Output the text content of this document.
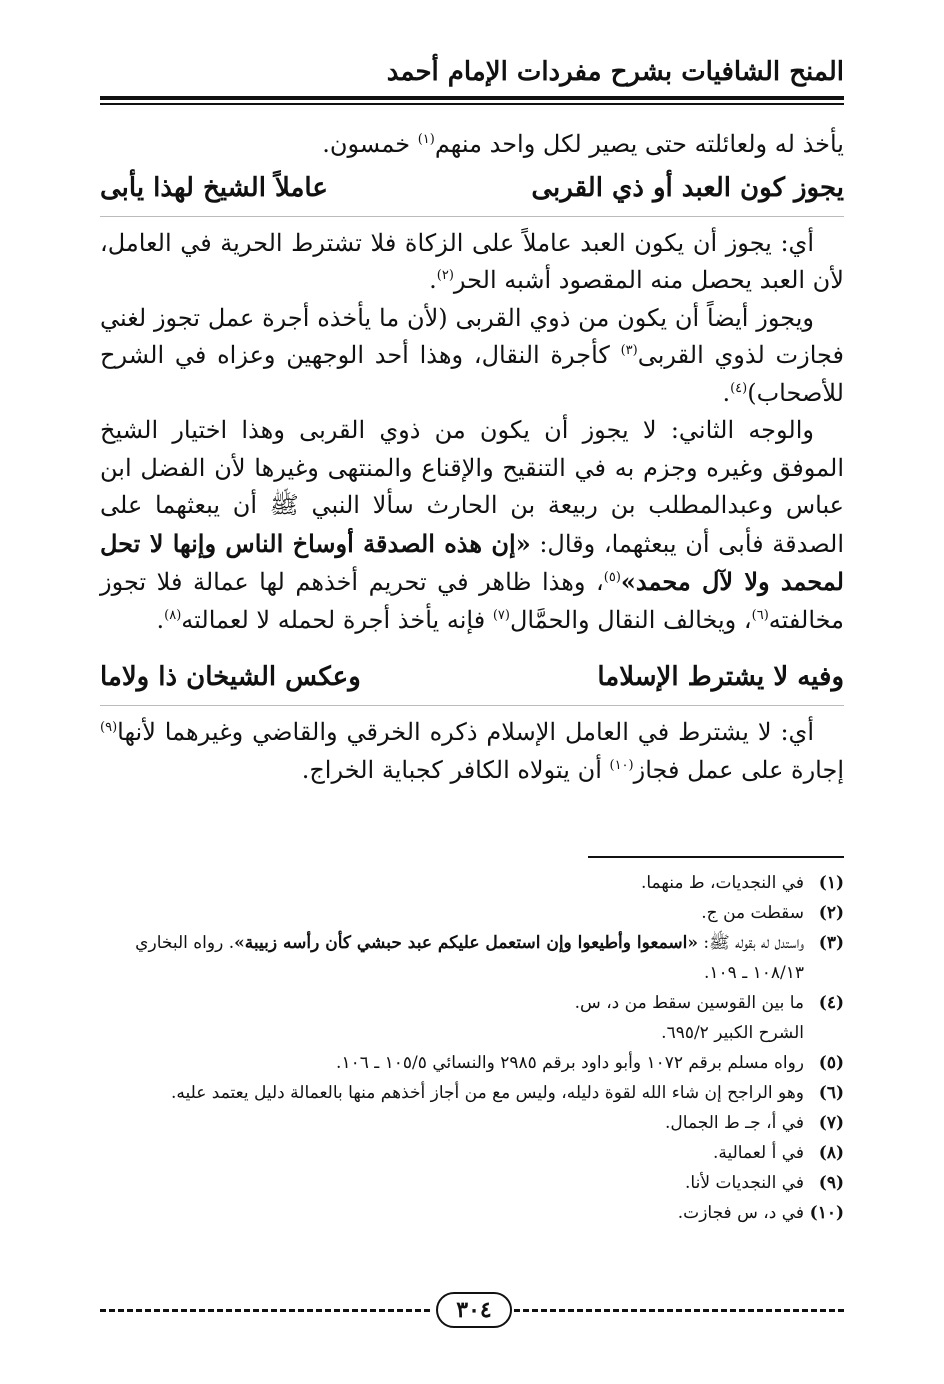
المنح الشافيات بشرح مفردات الإمام أحمد

يأخذ له ولعائلته حتى يصير لكل واحد منهم$^{(١)}$ خمسون.

يجوز كون العبد أو ذي القربى
عاملاً الشيخ لهذا يأبى

أي: يجوز أن يكون العبد عاملاً على الزكاة فلا تشترط الحرية في العامل، لأن العبد يحصل منه المقصود أشبه الحر$^{(٢)}$.

ويجوز أيضاً أن يكون من ذوي القربى (لأن ما يأخذه أجرة عمل تجوز لغني فجازت لذوي القربى$^{(٣)}$ كأجرة النقال، وهذا أحد الوجهين وعزاه في الشرح للأصحاب)$^{(٤)}$.

والوجه الثاني: لا يجوز أن يكون من ذوي القربى وهذا اختيار الشيخ الموفق وغيره وجزم به في التنقيح والإقناع والمنتهى وغيرها لأن الفضل ابن عباس وعبدالمطلب بن ربيعة بن الحارث سألا النبي ﷺ أن يبعثهما على الصدقة فأبى أن يبعثهما، وقال: «إن هذه الصدقة أوساخ الناس وإنها لا تحل لمحمد ولا لآل محمد»$^{(٥)}$، وهذا ظاهر في تحريم أخذهم لها عمالة فلا تجوز مخالفته$^{(٦)}$، ويخالف النقال والحمَّال$^{(٧)}$ فإنه يأخذ أجرة لحمله لا لعمالته$^{(٨)}$.

وفيه لا يشترط الإسلاما
وعكس الشيخان ذا ولاما

أي: لا يشترط في العامل الإسلام ذكره الخرقي والقاضي وغيرهما لأنها$^{(٩)}$ إجارة على عمل فجاز$^{(١٠)}$ أن يتولاه الكافر كجباية الخراج.

(١)
في النجديات، ط منهما.
(٢)
سقطت من ج.
(٣)
واستدل له بقوله ﷺ: «اسمعوا وأطيعوا وإن استعمل عليكم عبد حبشي كأن رأسه زبيبة». رواه البخاري ١٠٨/١٣ ـ ١٠٩.
(٤)
ما بين القوسين سقط من د، س.
الشرح الكبير ٦٩٥/٢.
(٥)
رواه مسلم برقم ١٠٧٢ وأبو داود برقم ٢٩٨٥ والنسائي ١٠٥/٥ ـ ١٠٦.
(٦)
وهو الراجح إن شاء الله لقوة دليله، وليس مع من أجاز أخذهم منها بالعمالة دليل يعتمد عليه.
(٧)
في أ، جـ ط الجمال.
(٨)
في أ لعمالية.
(٩)
في النجديات لأنا.
(١٠)
في د، س فجازت.
٣٠٤
